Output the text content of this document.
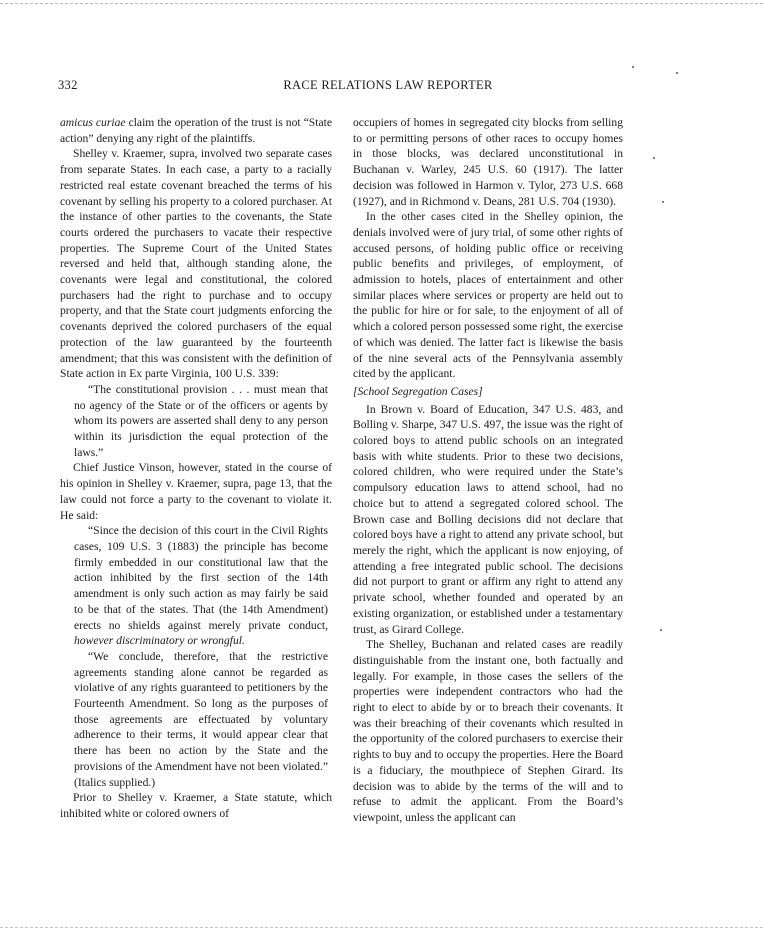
332	RACE RELATIONS LAW REPORTER

amicus curiae claim the operation of the trust is not “State action” denying any right of the plaintiffs.

Shelley v. Kraemer, supra, involved two separate cases from separate States. In each case, a party to a racially restricted real estate covenant breached the terms of his covenant by selling his property to a colored purchaser. At the instance of other parties to the covenants, the State courts ordered the purchasers to vacate their respective properties. The Supreme Court of the United States reversed and held that, although standing alone, the covenants were legal and constitutional, the colored purchasers had the right to purchase and to occupy property, and that the State court judgments enforcing the covenants deprived the colored purchasers of the equal protection of the law guaranteed by the fourteenth amendment; that this was consistent with the definition of State action in Ex parte Virginia, 100 U.S. 339:

“The constitutional provision . . . must mean that no agency of the State or of the officers or agents by whom its powers are asserted shall deny to any person within its jurisdiction the equal protection of the laws.”

Chief Justice Vinson, however, stated in the course of his opinion in Shelley v. Kraemer, supra, page 13, that the law could not force a party to the covenant to violate it. He said:

“Since the decision of this court in the Civil Rights cases, 109 U.S. 3 (1883) the principle has become firmly embedded in our constitutional law that the action inhibited by the first section of the 14th amendment is only such action as may fairly be said to be that of the states. That (the 14th Amendment) erects no shields against merely private conduct, however discriminatory or wrongful.

“We conclude, therefore, that the restrictive agreements standing alone cannot be regarded as violative of any rights guaranteed to petitioners by the Fourteenth Amendment. So long as the purposes of those agreements are effectuated by voluntary adherence to their terms, it would appear clear that there has been no action by the State and the provisions of the Amendment have not been violated.” (Italics supplied.)

Prior to Shelley v. Kraemer, a State statute, which inhibited white or colored owners of

occupiers of homes in segregated city blocks from selling to or permitting persons of other races to occupy homes in those blocks, was declared unconstitutional in Buchanan v. Warley, 245 U.S. 60 (1917). The latter decision was followed in Harmon v. Tylor, 273 U.S. 668 (1927), and in Richmond v. Deans, 281 U.S. 704 (1930).

In the other cases cited in the Shelley opinion, the denials involved were of jury trial, of some other rights of accused persons, of holding public office or receiving public benefits and privileges, of employment, of admission to hotels, places of entertainment and other similar places where services or property are held out to the public for hire or for sale, to the enjoyment of all of which a colored person possessed some right, the exercise of which was denied. The latter fact is likewise the basis of the nine several acts of the Pennsylvania assembly cited by the applicant.

[School Segregation Cases]

In Brown v. Board of Education, 347 U.S. 483, and Bolling v. Sharpe, 347 U.S. 497, the issue was the right of colored boys to attend public schools on an integrated basis with white students. Prior to these two decisions, colored children, who were required under the State’s compulsory education laws to attend school, had no choice but to attend a segregated colored school. The Brown case and Bolling decisions did not declare that colored boys have a right to attend any private school, but merely the right, which the applicant is now enjoying, of attending a free integrated public school. The decisions did not purport to grant or affirm any right to attend any private school, whether founded and operated by an existing organization, or established under a testamentary trust, as Girard College.

The Shelley, Buchanan and related cases are readily distinguishable from the instant one, both factually and legally. For example, in those cases the sellers of the properties were independent contractors who had the right to elect to abide by or to breach their covenants. It was their breaching of their covenants which resulted in the opportunity of the colored purchasers to exercise their rights to buy and to occupy the properties. Here the Board is a fiduciary, the mouthpiece of Stephen Girard. Its decision was to abide by the terms of the will and to refuse to admit the applicant. From the Board’s viewpoint, unless the applicant can
